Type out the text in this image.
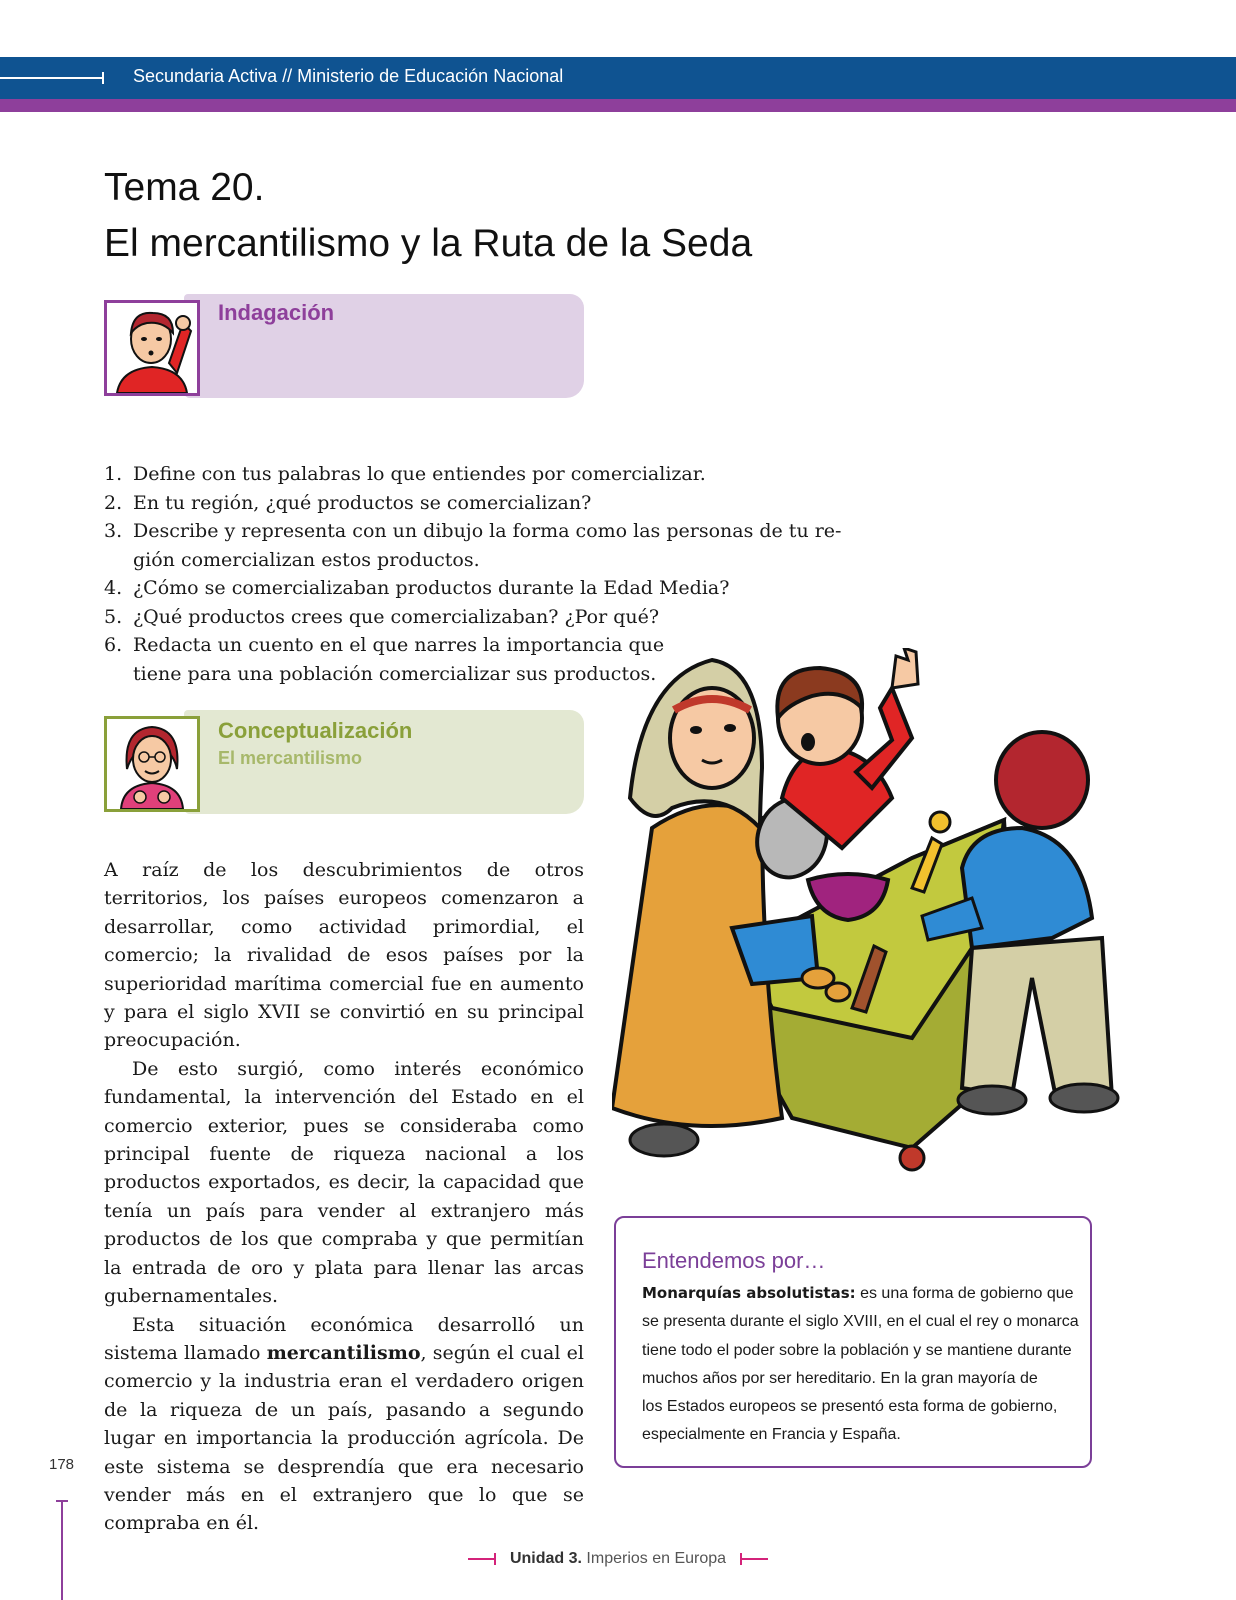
Secundaria Activa // Ministerio de Educación Nacional
Tema 20.
El mercantilismo y la Ruta de la Seda
Indagación
1. Define con tus palabras lo que entiendes por comercializar.
2. En tu región, ¿qué productos se comercializan?
3. Describe y representa con un dibujo la forma como las personas de tu re-
gión comercializan estos productos.
4. ¿Cómo se comercializaban productos durante la Edad Media?
5. ¿Qué productos crees que comercializaban? ¿Por qué?
6. Redacta un cuento en el que narres la importancia que
tiene para una población comercializar sus productos.
Conceptualización
El mercantilismo

A raíz de los descubrimientos de otros territorios, los países europeos comenzaron a desarrollar, como actividad primordial, el comercio; la rivalidad de esos países por la superioridad marítima comercial fue en aumento y para el siglo XVII se convirtió en su principal preocupación.

De esto surgió, como interés económico fundamental, la intervención del Estado en el comercio exterior, pues se consideraba como principal fuente de riqueza nacional a los productos exportados, es decir, la capacidad que tenía un país para vender al extranjero más productos de los que compraba y que permitían la entrada de oro y plata para llenar las arcas gubernamentales.

Esta situación económica desarrolló un sistema llamado mercantilismo, según el cual el comercio y la industria eran el verdadero origen de la riqueza de un país, pasando a segundo lugar en importancia la producción agrícola. De este sistema se desprendía que era necesario vender más en el extranjero que lo que se compraba en él.

Entendemos por…
Monarquías absolutistas: es una forma de gobierno que
se presenta durante el siglo XVIII, en el cual el rey o monarca
tiene todo el poder sobre la población y se mantiene durante
muchos años por ser hereditario. En la gran mayoría de
los Estados europeos se presentó esta forma de gobierno,
especialmente en Francia y España.
178
Unidad 3. Imperios en Europa
